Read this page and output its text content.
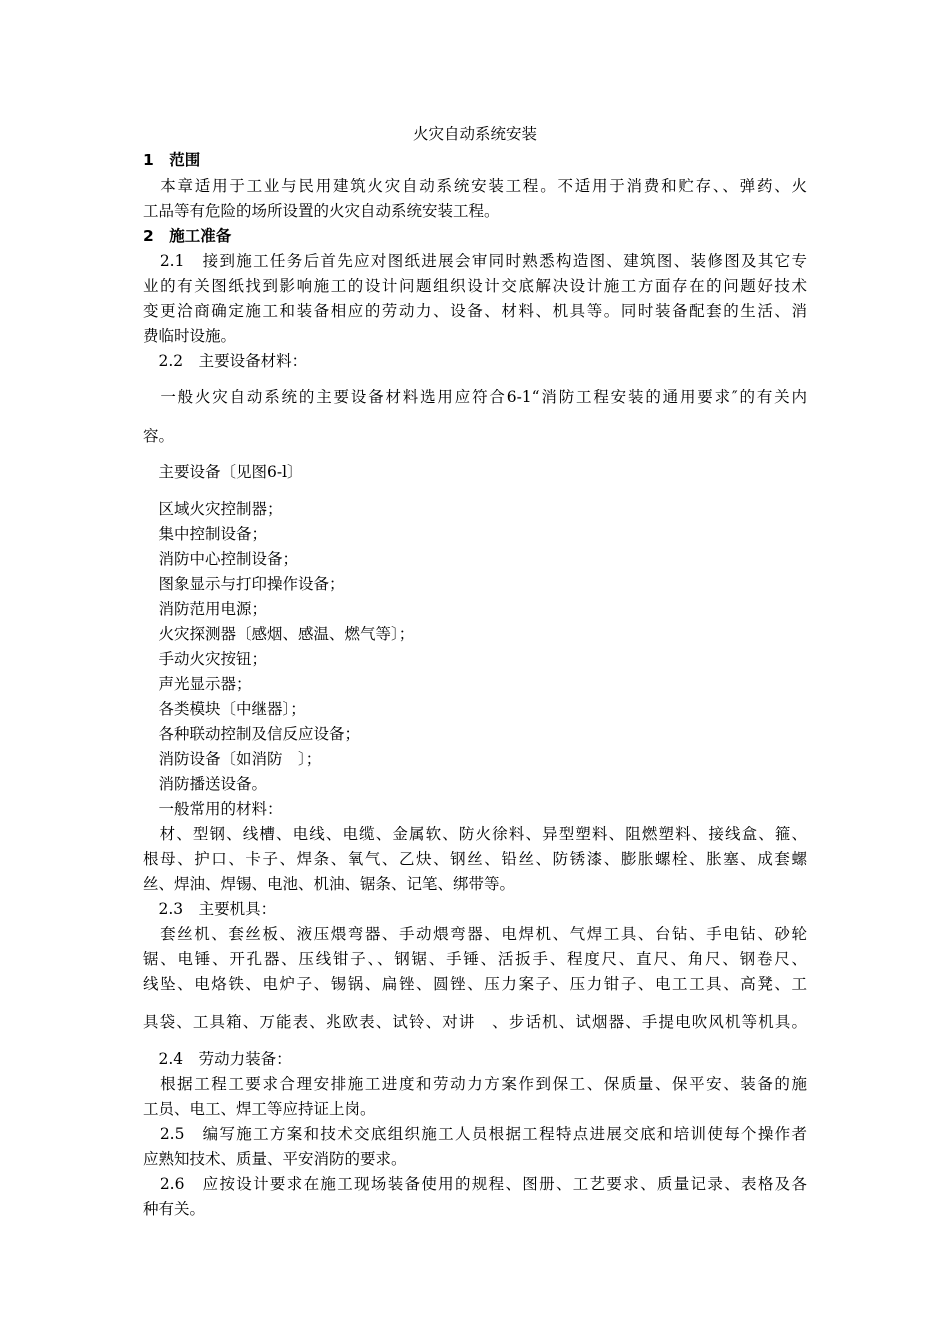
火灾自动系统安装
1　范围
　本章适用于工业与民用建筑火灾自动系统安装工程。不适用于消费和贮存、、弹药、火
工品等有危险的场所设置的火灾自动系统安装工程。
2　施工准备
　2.1　接到施工任务后首先应对图纸进展会审同时熟悉构造图、建筑图、装修图及其它专
业的有关图纸找到影响施工的设计问题组织设计交底解决设计施工方面存在的问题好技术
变更洽商确定施工和装备相应的劳动力、设备、材料、机具等。同时装备配套的生活、消
费临时设施。
　2.2　主要设备材料：
　一般火灾自动系统的主要设备材料选用应符合6-1“消防工程安装的通用要求″的有关内
容。
　主要设备〔见图6-l〕
　区域火灾控制器；
　集中控制设备；
　消防中心控制设备；
　图象显示与打印操作设备；
　消防范用电源；
　火灾探测器〔感烟、感温、燃气等〕；
　手动火灾按钮；
　声光显示器；
　各类模块〔中继器〕；
　各种联动控制及信反应设备；
　消防设备〔如消防　〕；
　消防播送设备。
　一般常用的材料：
　材、型钢、线槽、电线、电缆、金属软、防火徐料、异型塑料、阻燃塑料、接线盒、箍、
根母、护口、卡子、焊条、氧气、乙炔、钢丝、铅丝、防锈漆、膨胀螺栓、胀塞、成套螺
丝、焊油、焊锡、电池、机油、锯条、记笔、绑带等。
　2.3　主要机具：
　套丝机、套丝板、液压煨弯器、手动煨弯器、电焊机、气焊工具、台钻、手电钻、砂轮
锯、电锤、开孔器、压线钳子、、钢锯、手锤、活扳手、程度尺、直尺、角尺、钢卷尺、
线坠、电烙铁、电炉子、锡锅、扁锉、圆锉、压力案子、压力钳子、电工工具、高凳、工
具袋、工具箱、万能表、兆欧表、试铃、对讲　、步话机、试烟器、手提电吹风机等机具。
　2.4　劳动力装备：
　根据工程工要求合理安排施工进度和劳动力方案作到保工、保质量、保平安、装备的施
工员、电工、焊工等应持证上岗。
　2.5　编写施工方案和技术交底组织施工人员根据工程特点进展交底和培训使每个操作者
应熟知技术、质量、平安消防的要求。
　2.6　应按设计要求在施工现场装备使用的规程、图册、工艺要求、质量记录、表格及各
种有关。
